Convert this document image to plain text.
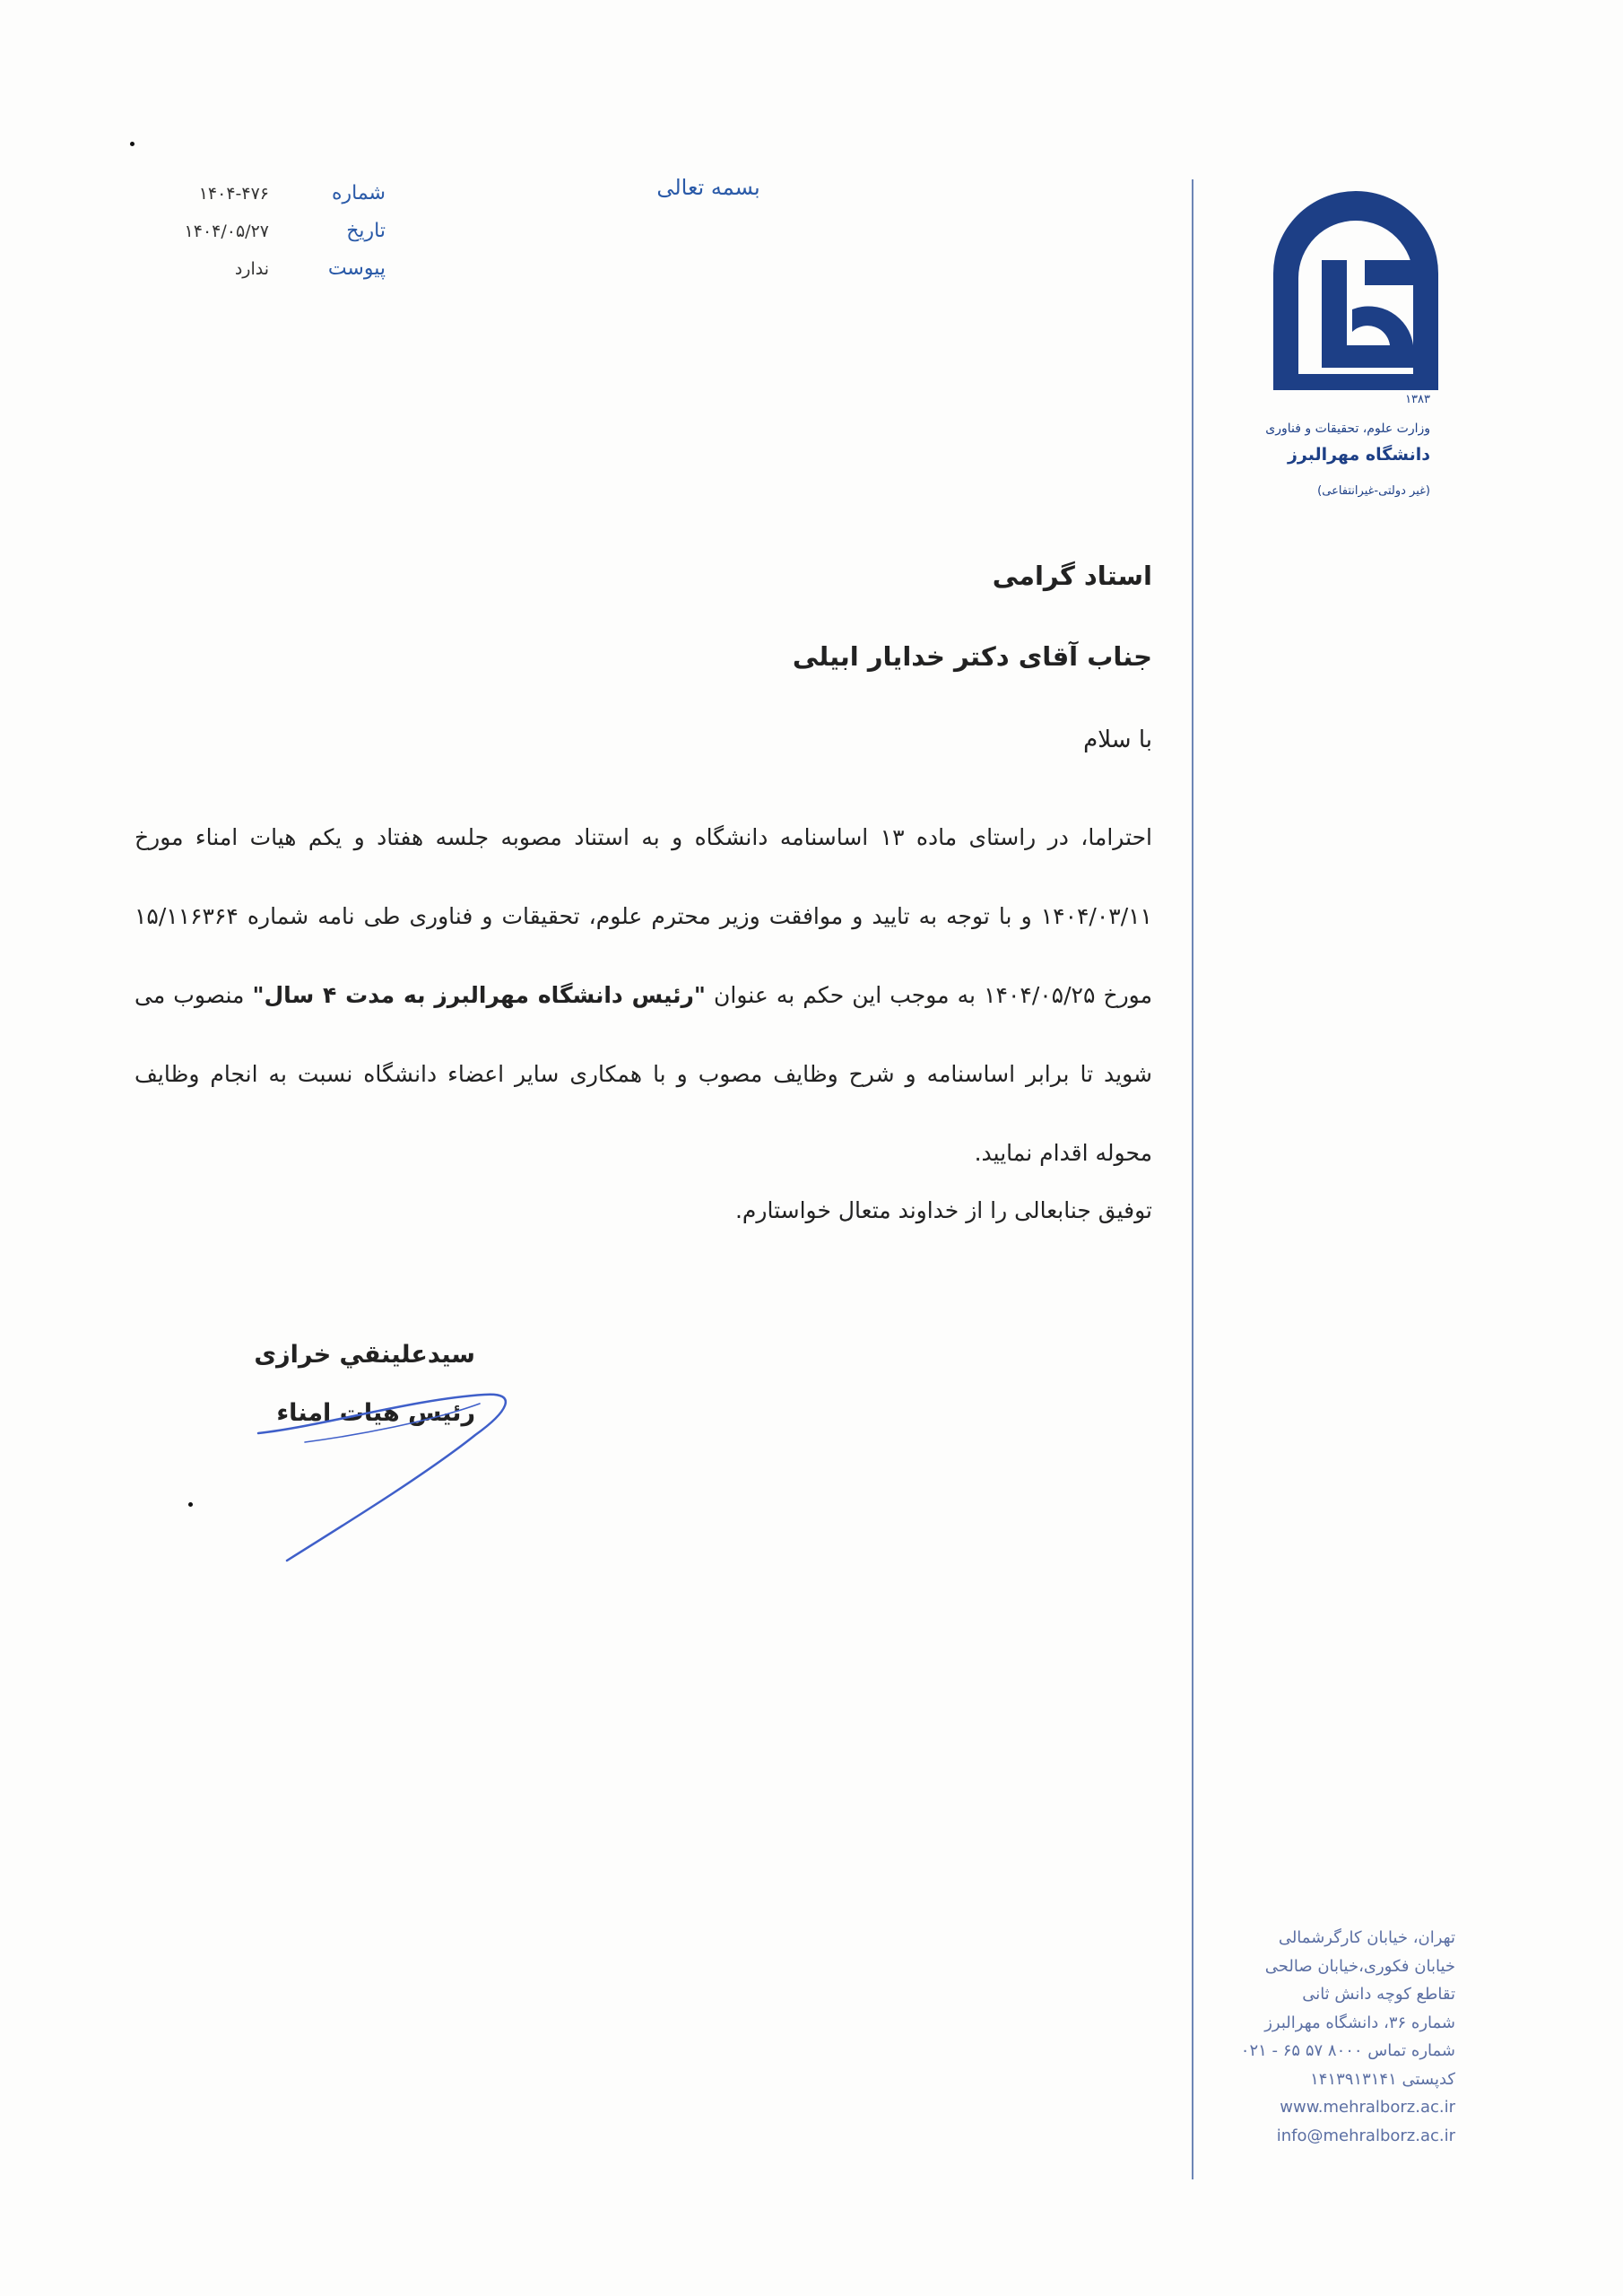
۱۳۸۳
وزارت علوم، تحقیقات و فناوری
دانشگاه مهرالبرز
(غیر دولتی-غیرانتفاعی)
بسمه تعالی
شماره
تاریخ
پیوست
۱۴۰۴-۴۷۶
۱۴۰۴/۰۵/۲۷
ندارد
استاد گرامی
جناب آقای دکتر خدایار ابیلی
با سلام
احتراما، در راستای ماده ۱۳ اساسنامه دانشگاه و به استناد مصوبه جلسه هفتاد و یکم هیات امناء مورخ ۱۴۰۴/۰۳/۱۱ و با توجه به تایید و موافقت وزیر محترم علوم، تحقیقات و فناوری طی نامه شماره ۱۵/۱۱۶۳۶۴ مورخ ۱۴۰۴/۰۵/۲۵ به موجب این حکم به عنوان "رئیس دانشگاه مهرالبرز به مدت ۴ سال" منصوب می شوید تا برابر اساسنامه و شرح وظایف مصوب و با همکاری سایر اعضاء دانشگاه نسبت به انجام وظایف محوله اقدام نمایید.
توفیق جنابعالی را از خداوند متعال خواستارم.
سیدعلینقي خرازی
رئیس هیات امناء
تهران، خیابان کارگرشمالی
خیابان فکوری،خیابان صالحی
تقاطع کوچه دانش ثانی
شماره ۳۶، دانشگاه مهرالبرز
شماره تماس ۸۰۰۰ ۵۷ ۶۵ - ۰۲۱
کدپستی ۱۴۱۳۹۱۳۱۴۱
www.mehralborz.ac.ir
info@mehralborz.ac.ir
